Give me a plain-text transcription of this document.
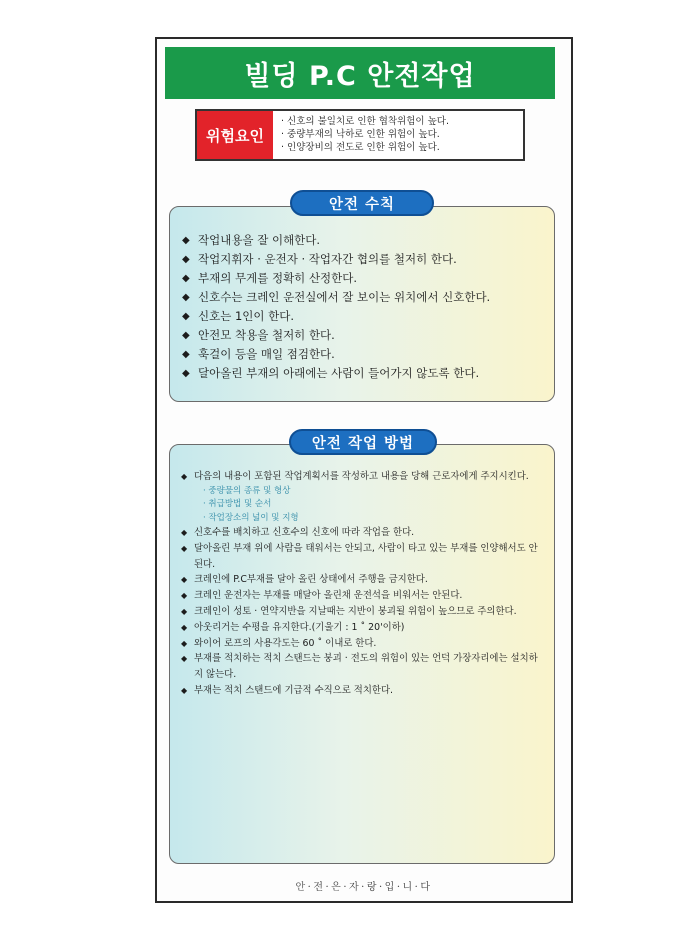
빌딩 P.C 안전작업
위험요인
· 신호의 불일치로 인한 협착위험이 높다.
· 중량부재의 낙하로 인한 위험이 높다.
· 인양장비의 전도로 인한 위험이 높다.
안전 수칙
◆ 작업내용을 잘 이해한다.
◆ 작업지휘자 · 운전자 · 작업자간 협의를 철저히 한다.
◆ 부재의 무게를 정확히 산정한다.
◆ 신호수는 크레인 운전실에서 잘 보이는 위치에서 신호한다.
◆ 신호는 1인이 한다.
◆ 안전모 착용을 철저히 한다.
◆ 훅걸이 등을 매일 점검한다.
◆ 달아올린 부재의 아래에는 사람이 들어가지 않도록 한다.
안전 작업 방법
◆ 다음의 내용이 포함된 작업계획서를 작성하고 내용을 당해 근로자에게 주지시킨다.
· 중량물의 종류 및 형상
· 취급방법 및 순서
· 작업장소의 넓이 및 지형
◆ 신호수를 배치하고 신호수의 신호에 따라 작업을 한다.
◆ 달아올린 부재 위에 사람을 태워서는 안되고, 사람이 타고 있는 부재를 인양해서도 안된다.
◆ 크레인에 P.C부재를 달아 올린 상태에서 주행을 금지한다.
◆ 크레인 운전자는 부재를 매달아 올린채 운전석을 비워서는 안된다.
◆ 크레인이 성토 · 연약지반을 지날때는 지반이 붕괴될 위험이 높으므로 주의한다.
◆ 아웃리거는 수평을 유지한다.(기울기 : 1 ˚ 20'이하)
◆ 와이어 로프의 사용각도는 60 ˚ 이내로 한다.
◆ 부재를 적치하는 적치 스탠드는 붕괴 · 전도의 위험이 있는 언덕 가장자리에는 설치하지 않는다.
◆ 부재는 적치 스탠드에 기급적 수직으로 적치한다.
안·전·은·자·랑·입·니·다
